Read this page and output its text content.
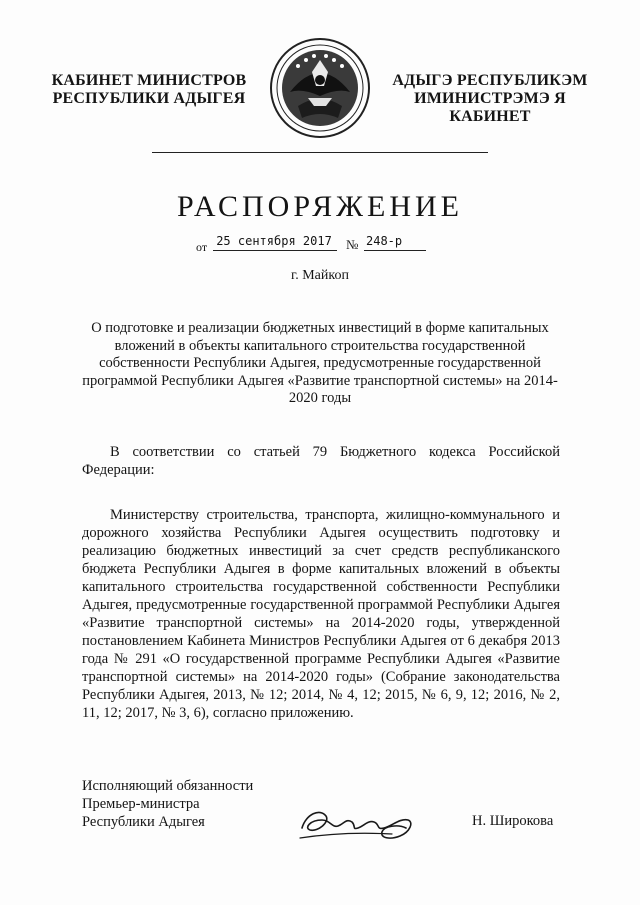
КАБИНЕТ МИНИСТРОВ
РЕСПУБЛИКИ АДЫГЕЯ
АДЫГЭ РЕСПУБЛИКЭМ
ИМИНИСТРЭМЭ Я КАБИНЕТ
РАСПОРЯЖЕНИЕ
от 25 сентября 2017 № 248-р
г. Майкоп
О подготовке и реализации бюджетных инвестиций в форме капитальных вложений в объекты капитального строительства государственной собственности Республики Адыгея, предусмотренные государственной программой Республики Адыгея «Развитие транспортной системы» на 2014-2020 годы
В соответствии со статьей 79 Бюджетного кодекса Российской Федерации:
Министерству строительства, транспорта, жилищно-коммунального и дорожного хозяйства Республики Адыгея осуществить подготовку и реализацию бюджетных инвестиций за счет средств республиканского бюджета Республики Адыгея в форме капитальных вложений в объекты капитального строительства государственной собственности Республики Адыгея, предусмотренные государственной программой Республики Адыгея «Развитие транспортной системы» на 2014-2020 годы, утвержденной постановлением Кабинета Министров Республики Адыгея от 6 декабря 2013 года № 291 «О государственной программе Республики Адыгея «Развитие транспортной системы» на 2014-2020 годы» (Собрание законодательства Республики Адыгея, 2013, № 12; 2014, № 4, 12; 2015, № 6, 9, 12; 2016, № 2, 11, 12; 2017, № 3, 6), согласно приложению.
Исполняющий обязанности
Премьер-министра
Республики Адыгея	Н. Широкова
